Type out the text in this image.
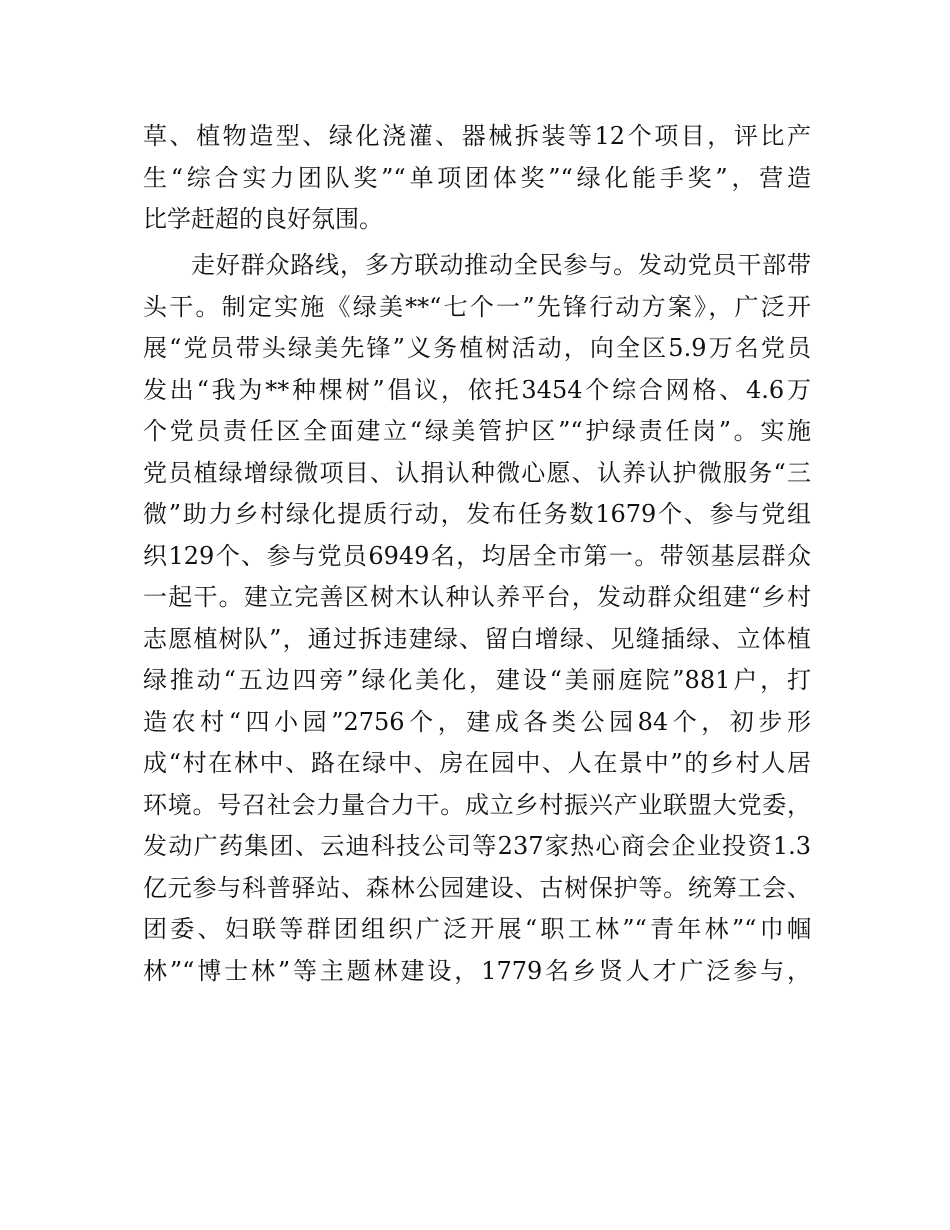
草、植物造型、绿化浇灌、器械拆装等12个项目，评比产
生“综合实力团队奖”“单项团体奖”“绿化能手奖”，营造
比学赶超的良好氛围。
走好群众路线，多方联动推动全民参与。发动党员干部带
头干。制定实施《绿美**“七个一”先锋行动方案》，广泛开
展“党员带头绿美先锋”义务植树活动，向全区5.9万名党员
发出“我为**种棵树”倡议，依托3454个综合网格、4.6万
个党员责任区全面建立“绿美管护区”“护绿责任岗”。实施
党员植绿增绿微项目、认捐认种微心愿、认养认护微服务“三
微”助力乡村绿化提质行动，发布任务数1679个、参与党组
织129个、参与党员6949名，均居全市第一。带领基层群众
一起干。建立完善区树木认种认养平台，发动群众组建“乡村
志愿植树队”，通过拆违建绿、留白增绿、见缝插绿、立体植
绿推动“五边四旁”绿化美化，建设“美丽庭院”881户，打
造农村“四小园”2756个，建成各类公园84个，初步形
成“村在林中、路在绿中、房在园中、人在景中”的乡村人居
环境。号召社会力量合力干。成立乡村振兴产业联盟大党委，
发动广药集团、云迪科技公司等237家热心商会企业投资1.3
亿元参与科普驿站、森林公园建设、古树保护等。统筹工会、
团委、妇联等群团组织广泛开展“职工林”“青年林”“巾帼
林”“博士林”等主题林建设，1779名乡贤人才广泛参与，
